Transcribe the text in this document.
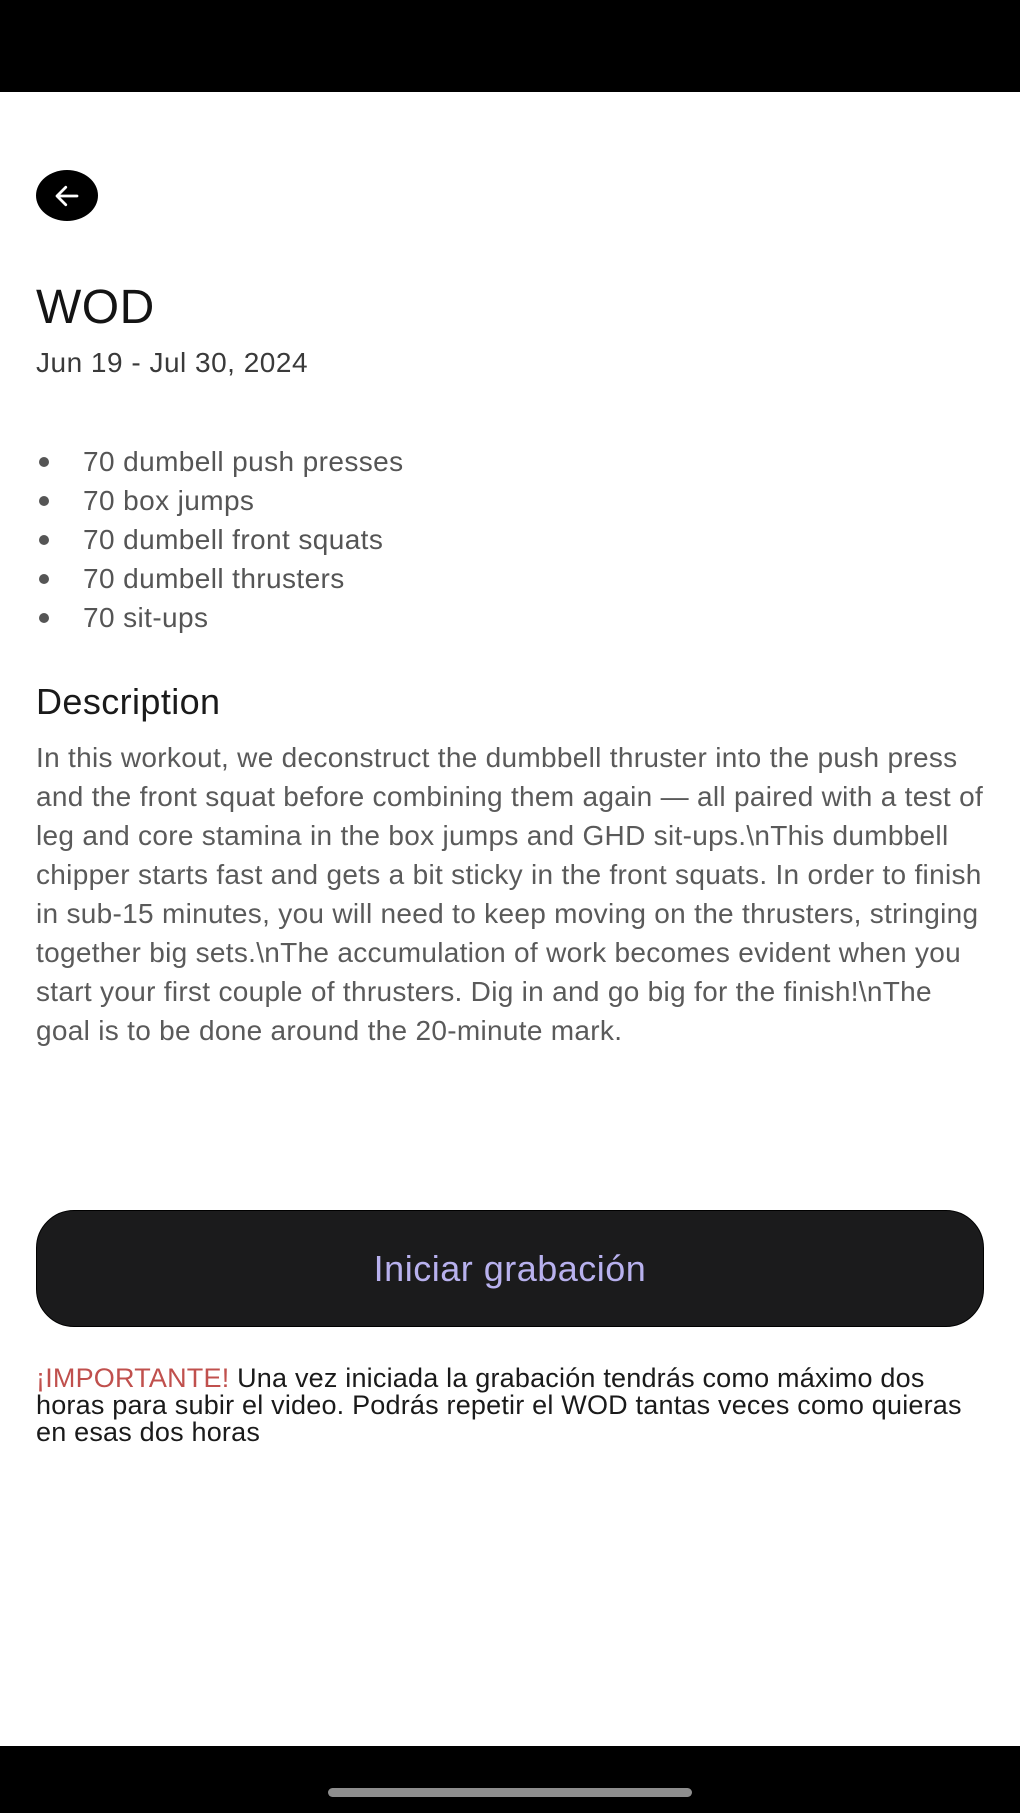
WOD
Jun 19 - Jul 30, 2024
70 dumbell push presses
70 box jumps
70 dumbell front squats
70 dumbell thrusters
70 sit-ups
Description

In this workout, we deconstruct the dumbbell thruster into the push press and the front squat before combining them again — all paired with a test of leg and core stamina in the box jumps and GHD sit-ups.\nThis dumbbell chipper starts fast and gets a bit sticky in the front squats. In order to finish in sub-15 minutes, you will need to keep moving on the thrusters, stringing together big sets.\nThe accumulation of work becomes evident when you start your first couple of thrusters. Dig in and go big for the finish!\nThe goal is to be done around the 20-minute mark.

Iniciar grabación

¡IMPORTANTE! Una vez iniciada la grabación tendrás como máximo dos horas para subir el video. Podrás repetir el WOD tantas veces como quieras en esas dos horas
